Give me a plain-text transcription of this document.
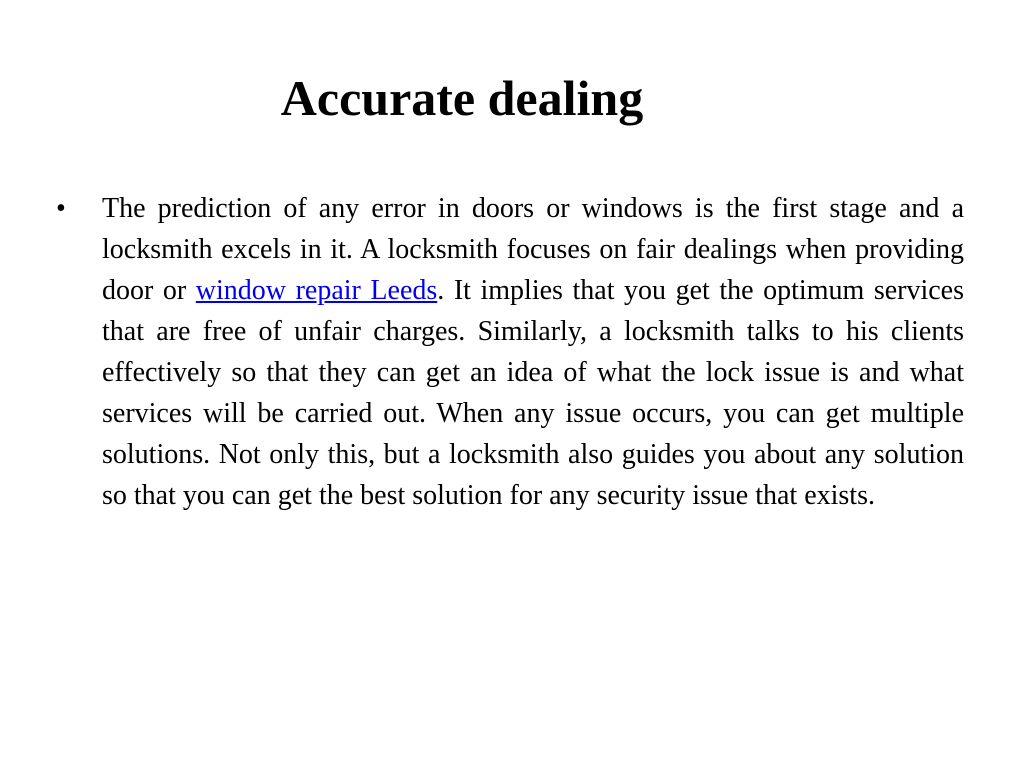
Accurate dealing
• The prediction of any error in doors or windows is the first stage and a locksmith excels in it. A locksmith focuses on fair dealings when providing door or window repair Leeds. It implies that you get the optimum services that are free of unfair charges. Similarly, a locksmith talks to his clients effectively so that they can get an idea of what the lock issue is and what services will be carried out. When any issue occurs, you can get multiple solutions. Not only this, but a locksmith also guides you about any solution so that you can get the best solution for any security issue that exists.
